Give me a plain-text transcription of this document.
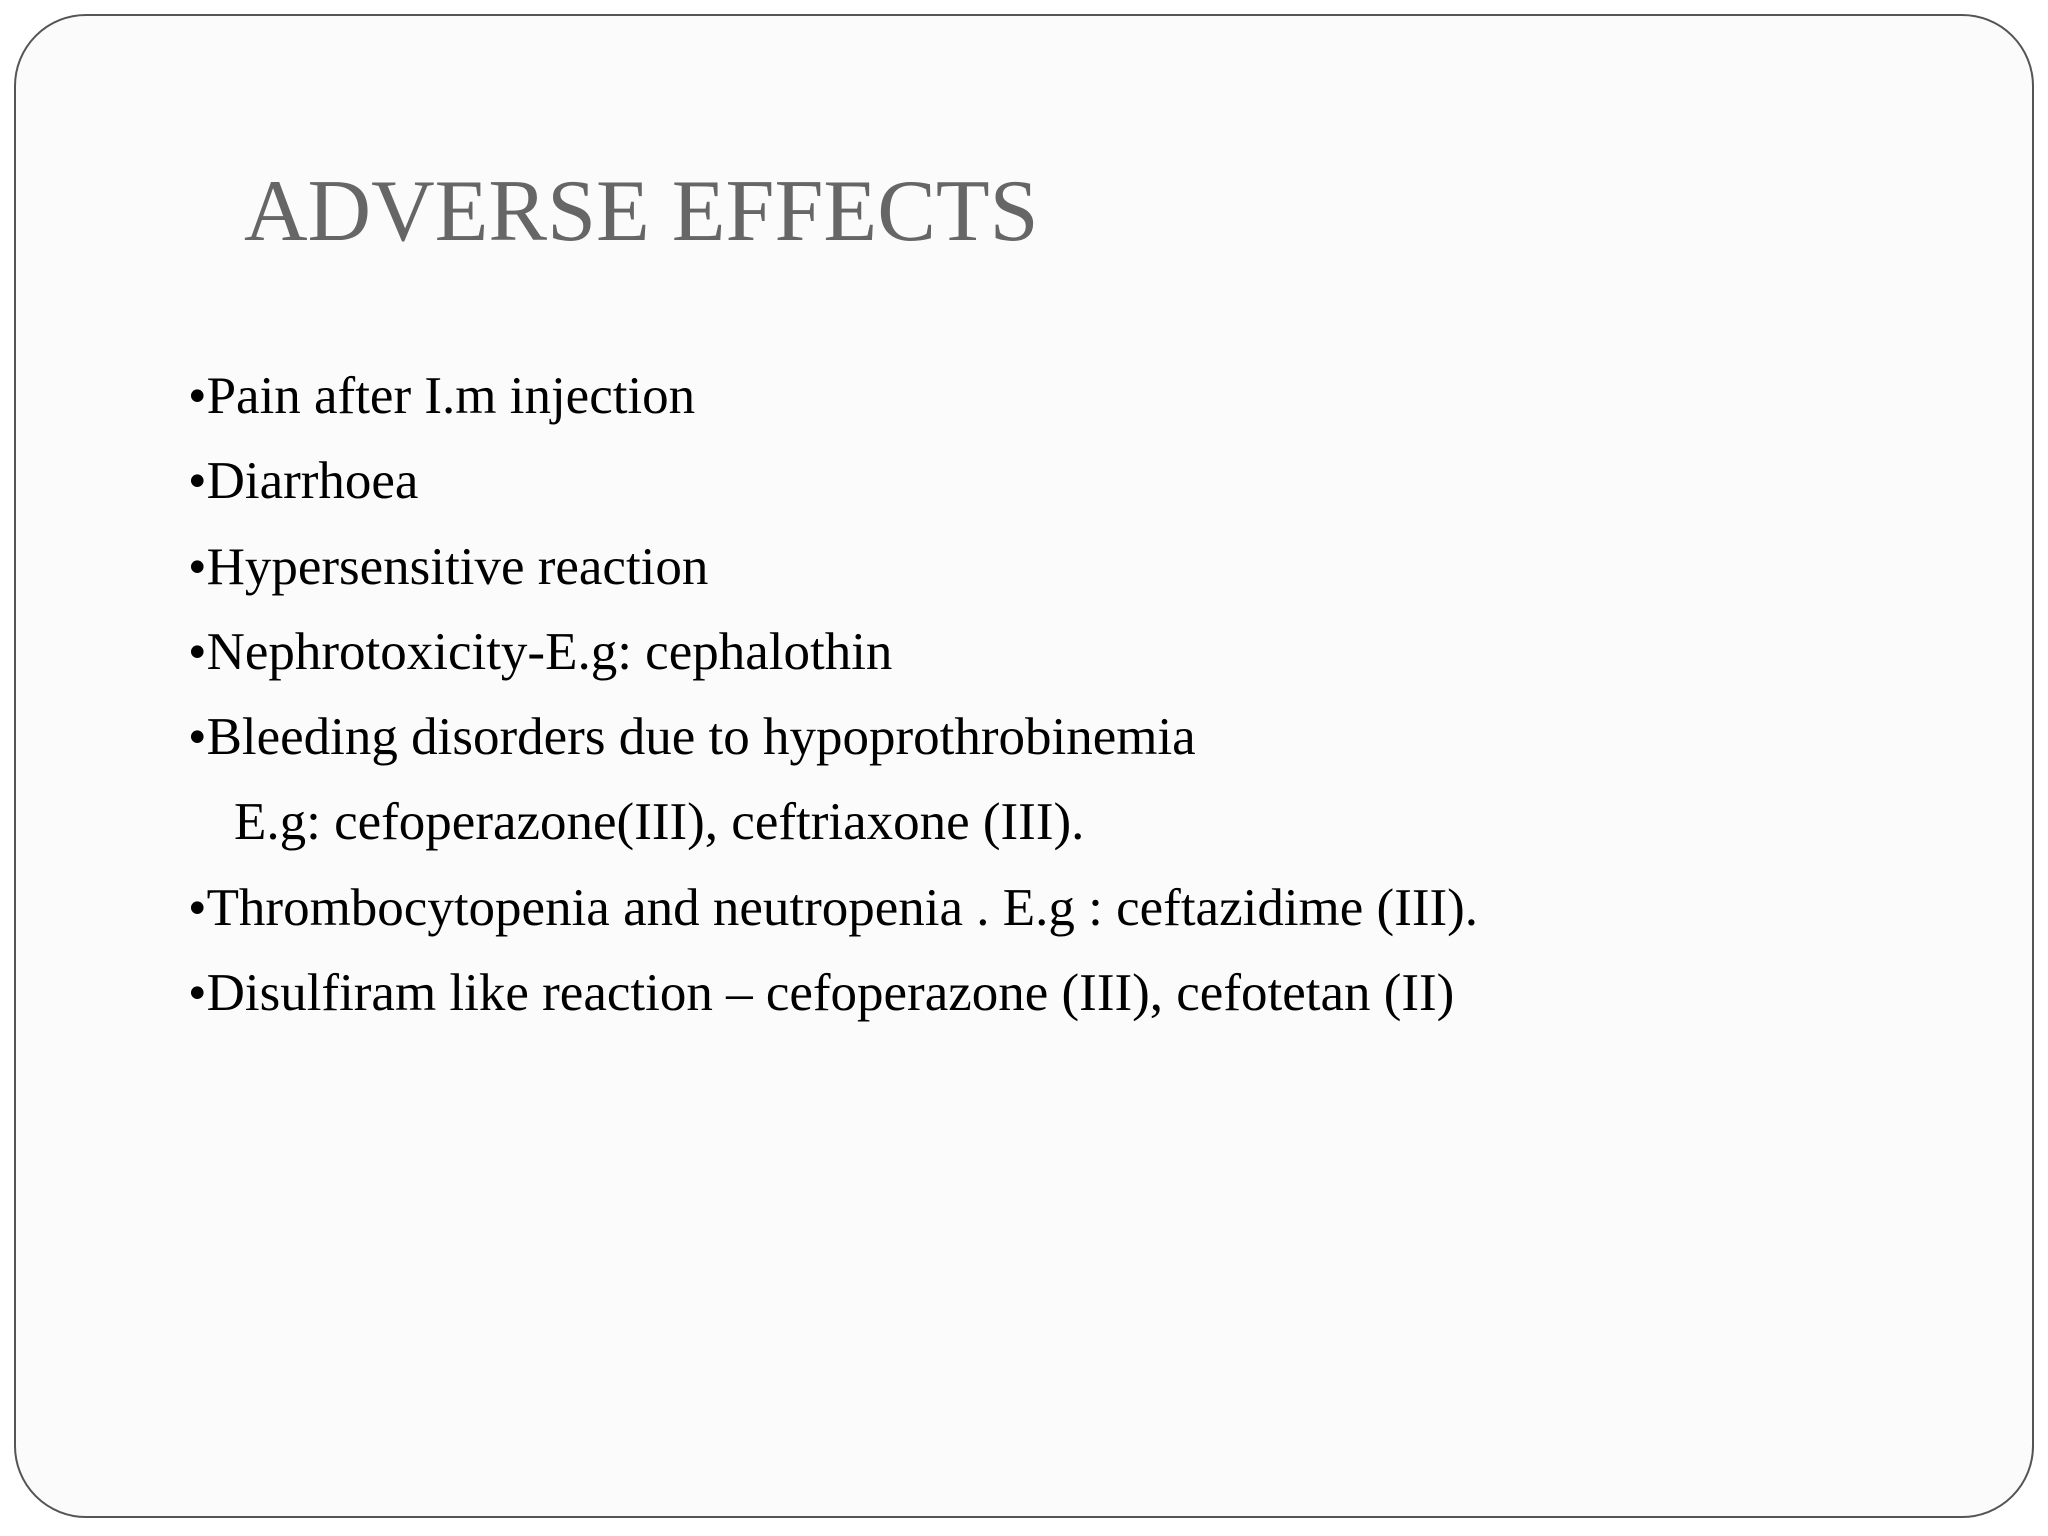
ADVERSE EFFECTS
•Pain after I.m injection
•Diarrhoea
•Hypersensitive reaction
•Nephrotoxicity-E.g: cephalothin
•Bleeding disorders due to hypoprothrobinemia
E.g: cefoperazone(III), ceftriaxone (III).
•Thrombocytopenia and neutropenia . E.g : ceftazidime (III).
•Disulfiram like reaction – cefoperazone (III), cefotetan (II)
